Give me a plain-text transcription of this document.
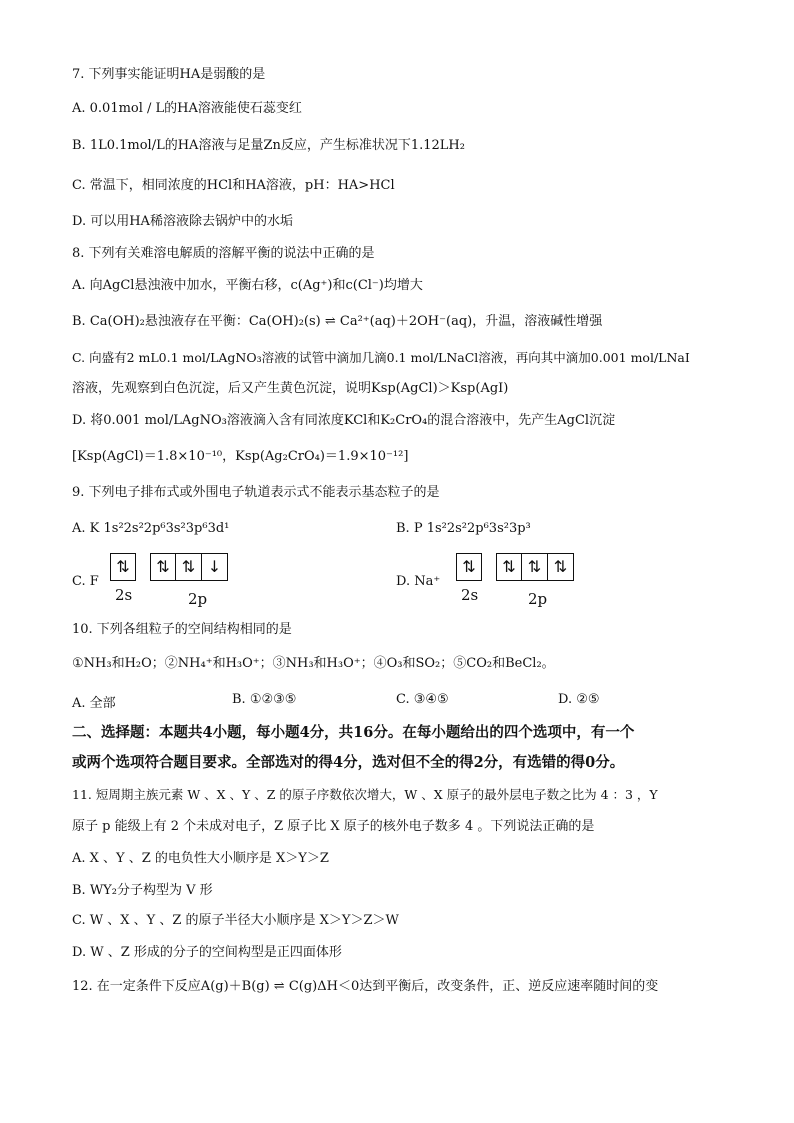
7. 下列事实能证明HA是弱酸的是
A. 0.01mol / L的HA溶液能使石蕊变红
B. 1L0.1mol/L的HA溶液与足量Zn反应，产生标准状况下1.12LH₂
C. 常温下，相同浓度的HCl和HA溶液，pH：HA>HCl
D. 可以用HA稀溶液除去锅炉中的水垢
8. 下列有关难溶电解质的溶解平衡的说法中正确的是
A. 向AgCl悬浊液中加水，平衡右移，c(Ag⁺)和c(Cl⁻)均增大
B. Ca(OH)₂悬浊液存在平衡：Ca(OH)₂(s) ⇌ Ca²⁺(aq)＋2OH⁻(aq)，升温，溶液碱性增强
C. 向盛有2 mL0.1 mol/LAgNO₃溶液的试管中滴加几滴0.1 mol/LNaCl溶液，再向其中滴加0.001 mol/LNaI
溶液，先观察到白色沉淀，后又产生黄色沉淀，说明Ksp(AgCl)＞Ksp(AgI)
D. 将0.001 mol/LAgNO₃溶液滴入含有同浓度KCl和K₂CrO₄的混合溶液中，先产生AgCl沉淀
[Ksp(AgCl)＝1.8×10⁻¹⁰，Ksp(Ag₂CrO₄)＝1.9×10⁻¹²]
9. 下列电子排布式或外围电子轨道表示式不能表示基态粒子的是
A. K 1s²2s²2p⁶3s²3p⁶3d¹	B. P 1s²2s²2p⁶3s²3p³
C. F
⇅	⇅ ⇅ ↓
2s	2p
D. Na⁺
⇅	⇅ ⇅ ⇅
2s	2p
10. 下列各组粒子的空间结构相同的是
①NH₃和H₂O；②NH₄⁺和H₃O⁺；③NH₃和H₃O⁺；④O₃和SO₂；⑤CO₂和BeCl₂。
A. 全部	B. ①②③⑤	C. ③④⑤	D. ②⑤
二、选择题：本题共4小题，每小题4分，共16分。在每小题给出的四个选项中，有一个
或两个选项符合题目要求。全部选对的得4分，选对但不全的得2分，有选错的得0分。
11. 短周期主族元素 W 、X 、Y 、Z 的原子序数依次增大，W 、X 原子的最外层电子数之比为 4 ：3 ，Y
原子 p 能级上有 2 个未成对电子，Z 原子比 X 原子的核外电子数多 4 。下列说法正确的是
A. X 、Y 、Z 的电负性大小顺序是 X＞Y＞Z
B. WY₂分子构型为 V 形
C. W 、X 、Y 、Z 的原子半径大小顺序是 X＞Y＞Z＞W
D. W 、Z 形成的分子的空间构型是正四面体形
12. 在一定条件下反应A(g)＋B(g) ⇌ C(g)ΔH＜0达到平衡后，改变条件，正、逆反应速率随时间的变
